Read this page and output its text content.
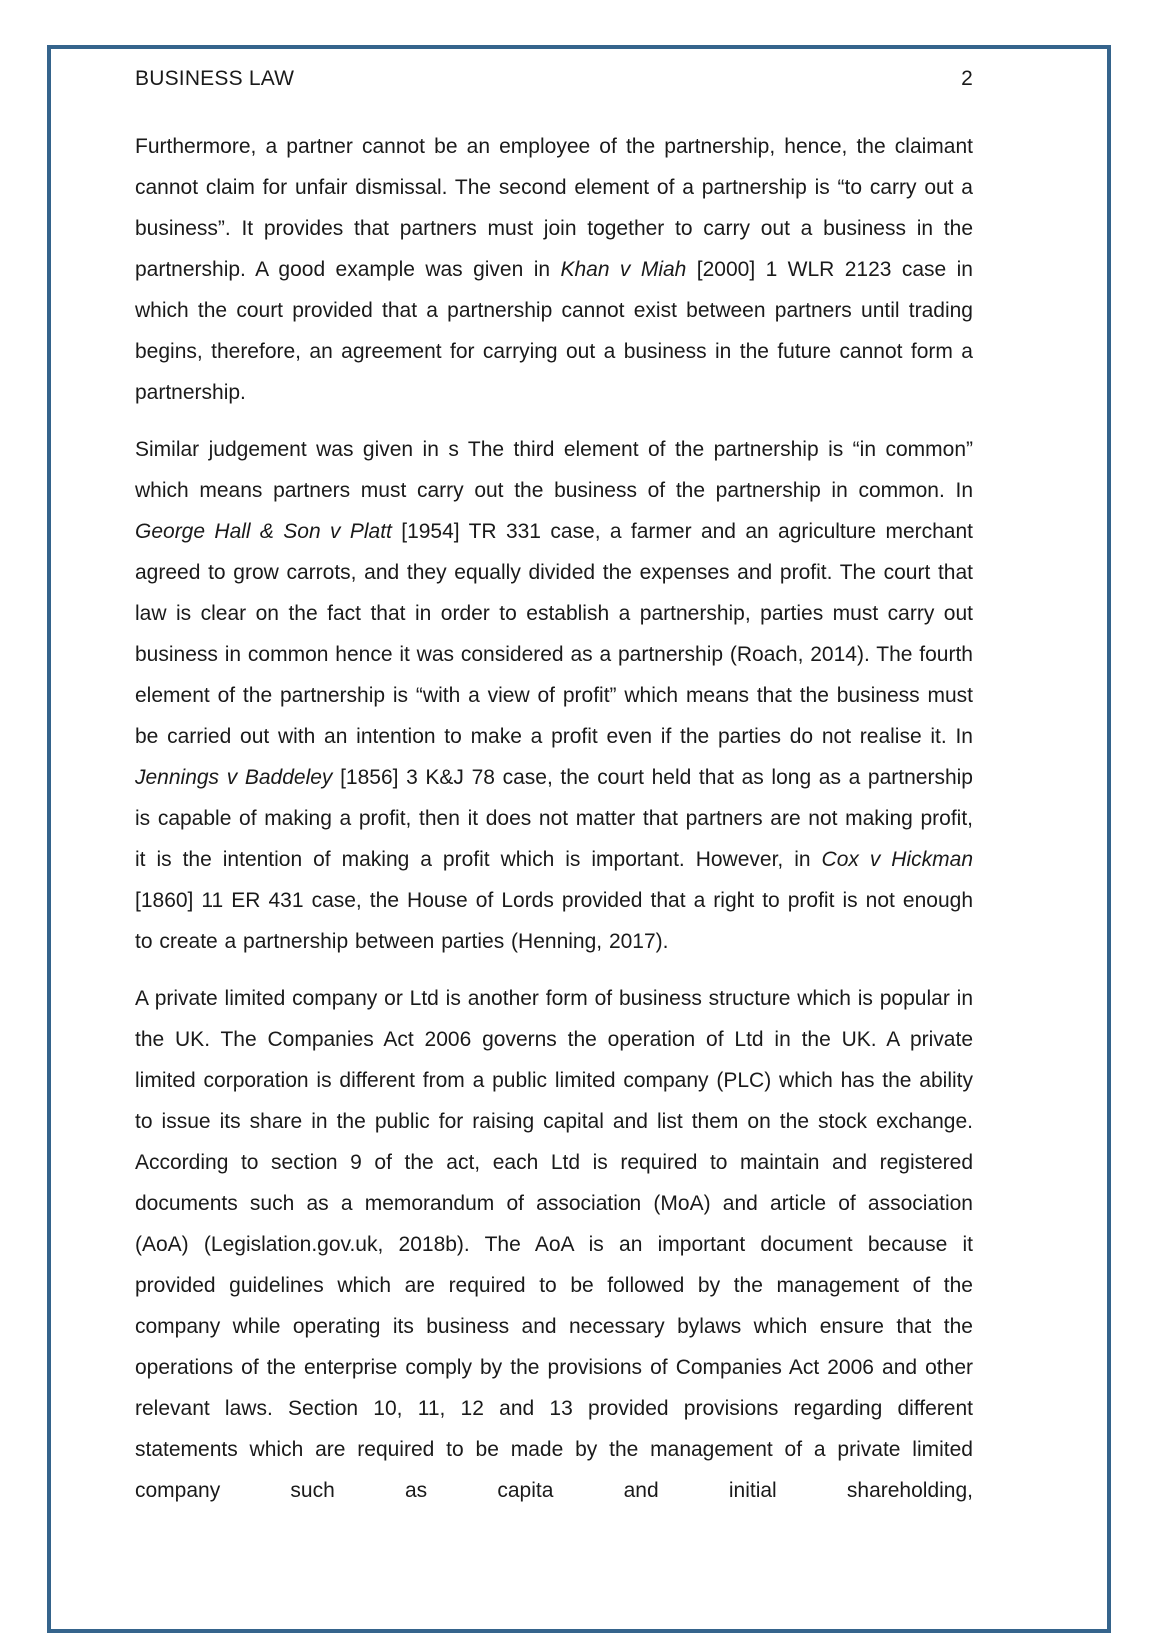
BUSINESS LAW	2

Furthermore, a partner cannot be an employee of the partnership, hence, the claimant cannot claim for unfair dismissal. The second element of a partnership is “to carry out a business”. It provides that partners must join together to carry out a business in the partnership. A good example was given in Khan v Miah [2000] 1 WLR 2123 case in which the court provided that a partnership cannot exist between partners until trading begins, therefore, an agreement for carrying out a business in the future cannot form a partnership.

Similar judgement was given in s The third element of the partnership is “in common” which means partners must carry out the business of the partnership in common. In George Hall & Son v Platt [1954] TR 331 case, a farmer and an agriculture merchant agreed to grow carrots, and they equally divided the expenses and profit. The court that law is clear on the fact that in order to establish a partnership, parties must carry out business in common hence it was considered as a partnership (Roach, 2014). The fourth element of the partnership is “with a view of profit” which means that the business must be carried out with an intention to make a profit even if the parties do not realise it. In Jennings v Baddeley [1856] 3 K&J 78 case, the court held that as long as a partnership is capable of making a profit, then it does not matter that partners are not making profit, it is the intention of making a profit which is important. However, in Cox v Hickman [1860] 11 ER 431 case, the House of Lords provided that a right to profit is not enough to create a partnership between parties (Henning, 2017).

A private limited company or Ltd is another form of business structure which is popular in the UK. The Companies Act 2006 governs the operation of Ltd in the UK. A private limited corporation is different from a public limited company (PLC) which has the ability to issue its share in the public for raising capital and list them on the stock exchange. According to section 9 of the act, each Ltd is required to maintain and registered documents such as a memorandum of association (MoA) and article of association (AoA) (Legislation.gov.uk, 2018b). The AoA is an important document because it provided guidelines which are required to be followed by the management of the company while operating its business and necessary bylaws which ensure that the operations of the enterprise comply by the provisions of Companies Act 2006 and other relevant laws. Section 10, 11, 12 and 13 provided provisions regarding different statements which are required to be made by the management of a private limited company such as capita and initial shareholding,
